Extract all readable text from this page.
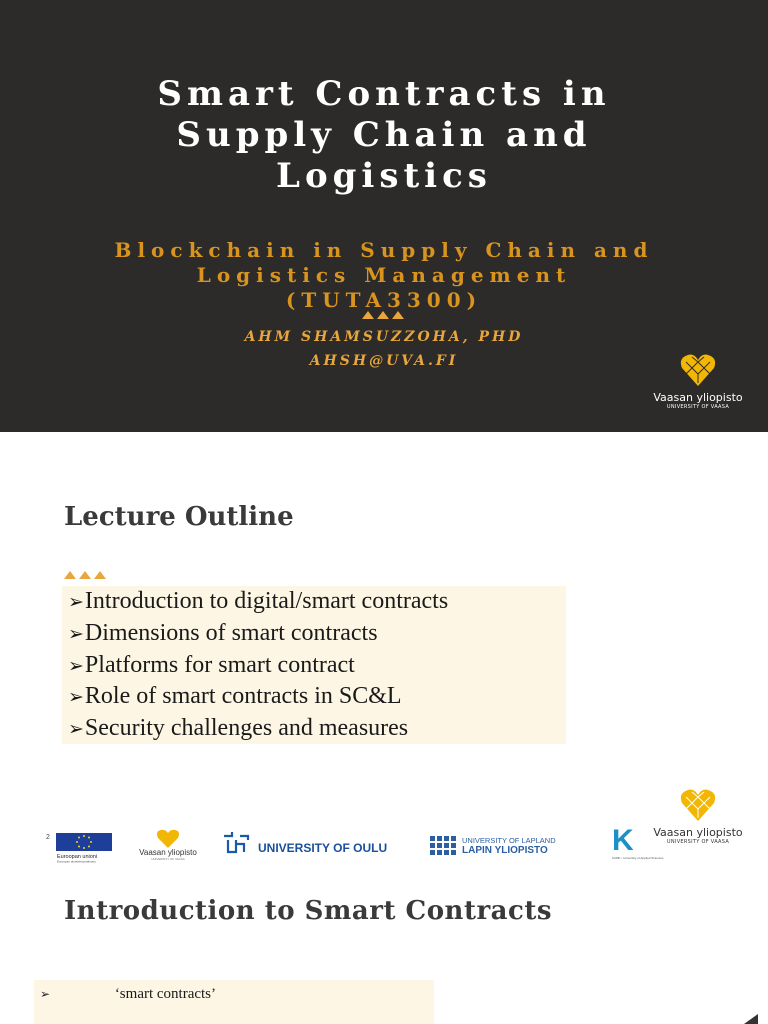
Smart Contracts in
Supply Chain and
Logistics
Blockchain in Supply Chain and
Logistics Management
(TUTA3300)
AHM SHAMSUZZOHA, PHD
AHSH@UVA.FI
Vaasan yliopisto
UNIVERSITY OF VAASA
Lecture Outline
➢Introduction to digital/smart contracts
➢Dimensions of smart contracts
➢Platforms for smart contract
➢Role of smart contracts in SC&L
➢Security challenges and measures
Vaasan yliopisto
UNIVERSITY OF VAASA
2
Euroopan unioni
Euroopan aluekehitysrahasto
Vaasan yliopisto
UNIVERSITY OF VAASA
UNIVERSITY OF OULU
UNIVERSITY OF LAPLAND
LAPIN YLIOPISTO K
KAMK • University of Applied Sciences
Introduction to Smart Contracts
➢	‘smart contracts’
